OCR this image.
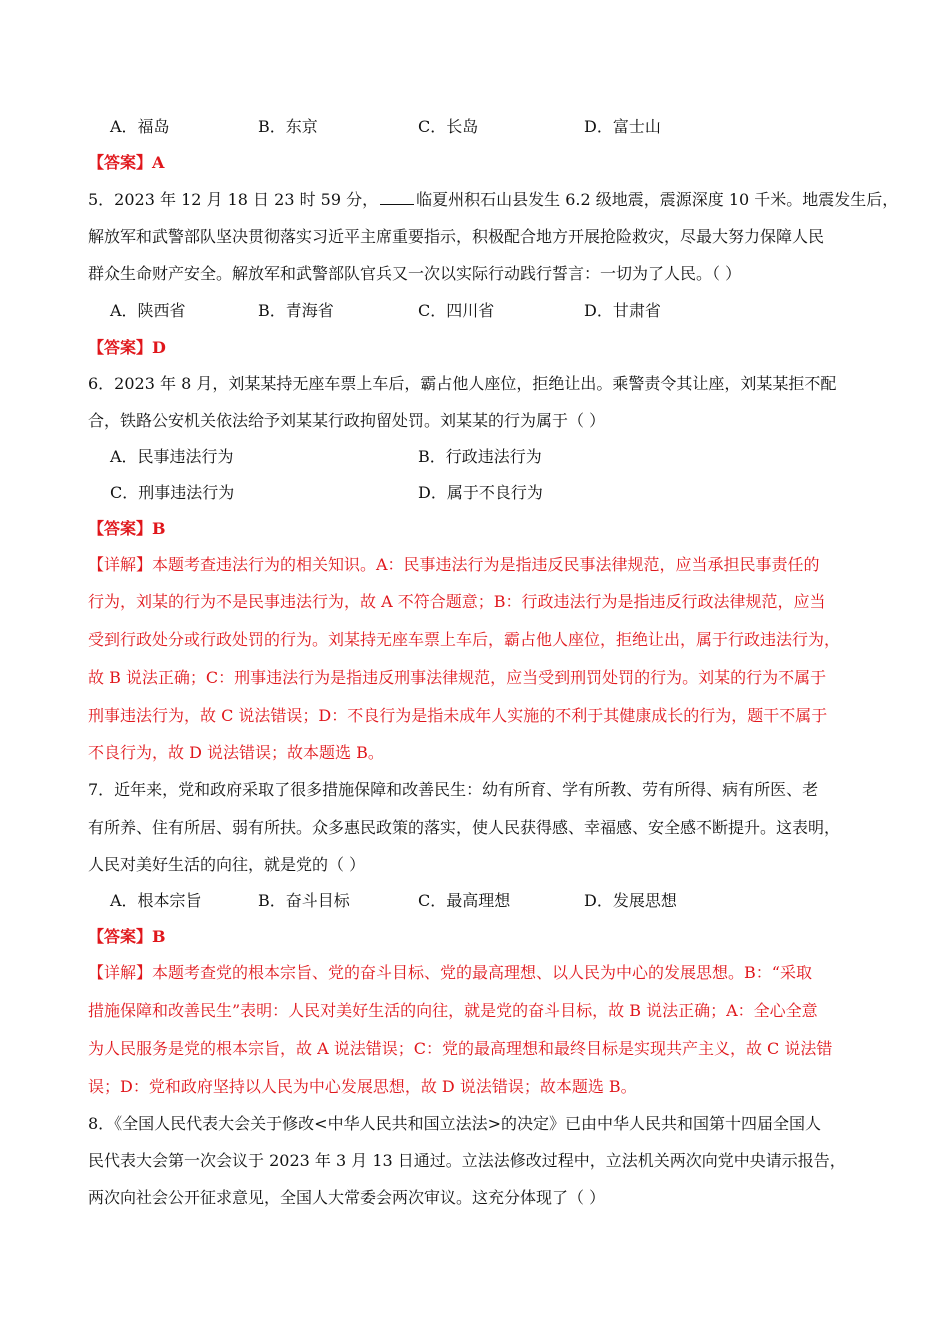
A．福岛	B．东京	C．长岛	D．富士山
【答案】A
5．2023 年 12 月 18 日 23 时 59 分， 临夏州积石山县发生 6.2 级地震，震源深度 10 千米。地震发生后，
解放军和武警部队坚决贯彻落实习近平主席重要指示，积极配合地方开展抢险救灾，尽最大努力保障人民
群众生命财产安全。解放军和武警部队官兵又一次以实际行动践行誓言：一切为了人民。（ ）
A．陕西省	B．青海省	C．四川省	D．甘肃省
【答案】D
6．2023 年 8 月，刘某某持无座车票上车后，霸占他人座位，拒绝让出。乘警责令其让座，刘某某拒不配
合，铁路公安机关依法给予刘某某行政拘留处罚。刘某某的行为属于（ ）
A．民事违法行为	B．行政违法行为
C．刑事违法行为	D．属于不良行为
【答案】B
【详解】本题考查违法行为的相关知识。A：民事违法行为是指违反民事法律规范，应当承担民事责任的
行为，刘某的行为不是民事违法行为，故 A 不符合题意；B：行政违法行为是指违反行政法律规范，应当
受到行政处分或行政处罚的行为。刘某持无座车票上车后，霸占他人座位，拒绝让出，属于行政违法行为，
故 B 说法正确；C：刑事违法行为是指违反刑事法律规范，应当受到刑罚处罚的行为。刘某的行为不属于
刑事违法行为，故 C 说法错误；D：不良行为是指未成年人实施的不利于其健康成长的行为，题干不属于
不良行为，故 D 说法错误；故本题选 B。
7．近年来，党和政府采取了很多措施保障和改善民生：幼有所育、学有所教、劳有所得、病有所医、老
有所养、住有所居、弱有所扶。众多惠民政策的落实，使人民获得感、幸福感、安全感不断提升。这表明，
人民对美好生活的向往，就是党的（ ）
A．根本宗旨	B．奋斗目标	C．最高理想	D．发展思想
【答案】B
【详解】本题考查党的根本宗旨、党的奋斗目标、党的最高理想、以人民为中心的发展思想。B：“采取
措施保障和改善民生”表明：人民对美好生活的向往，就是党的奋斗目标，故 B 说法正确；A：全心全意
为人民服务是党的根本宗旨，故 A 说法错误；C：党的最高理想和最终目标是实现共产主义，故 C 说法错
误；D：党和政府坚持以人民为中心发展思想，故 D 说法错误；故本题选 B。
8．《全国人民代表大会关于修改<中华人民共和国立法法>的决定》已由中华人民共和国第十四届全国人
民代表大会第一次会议于 2023 年 3 月 13 日通过。立法法修改过程中，立法机关两次向党中央请示报告，
两次向社会公开征求意见，全国人大常委会两次审议。这充分体现了（ ）
